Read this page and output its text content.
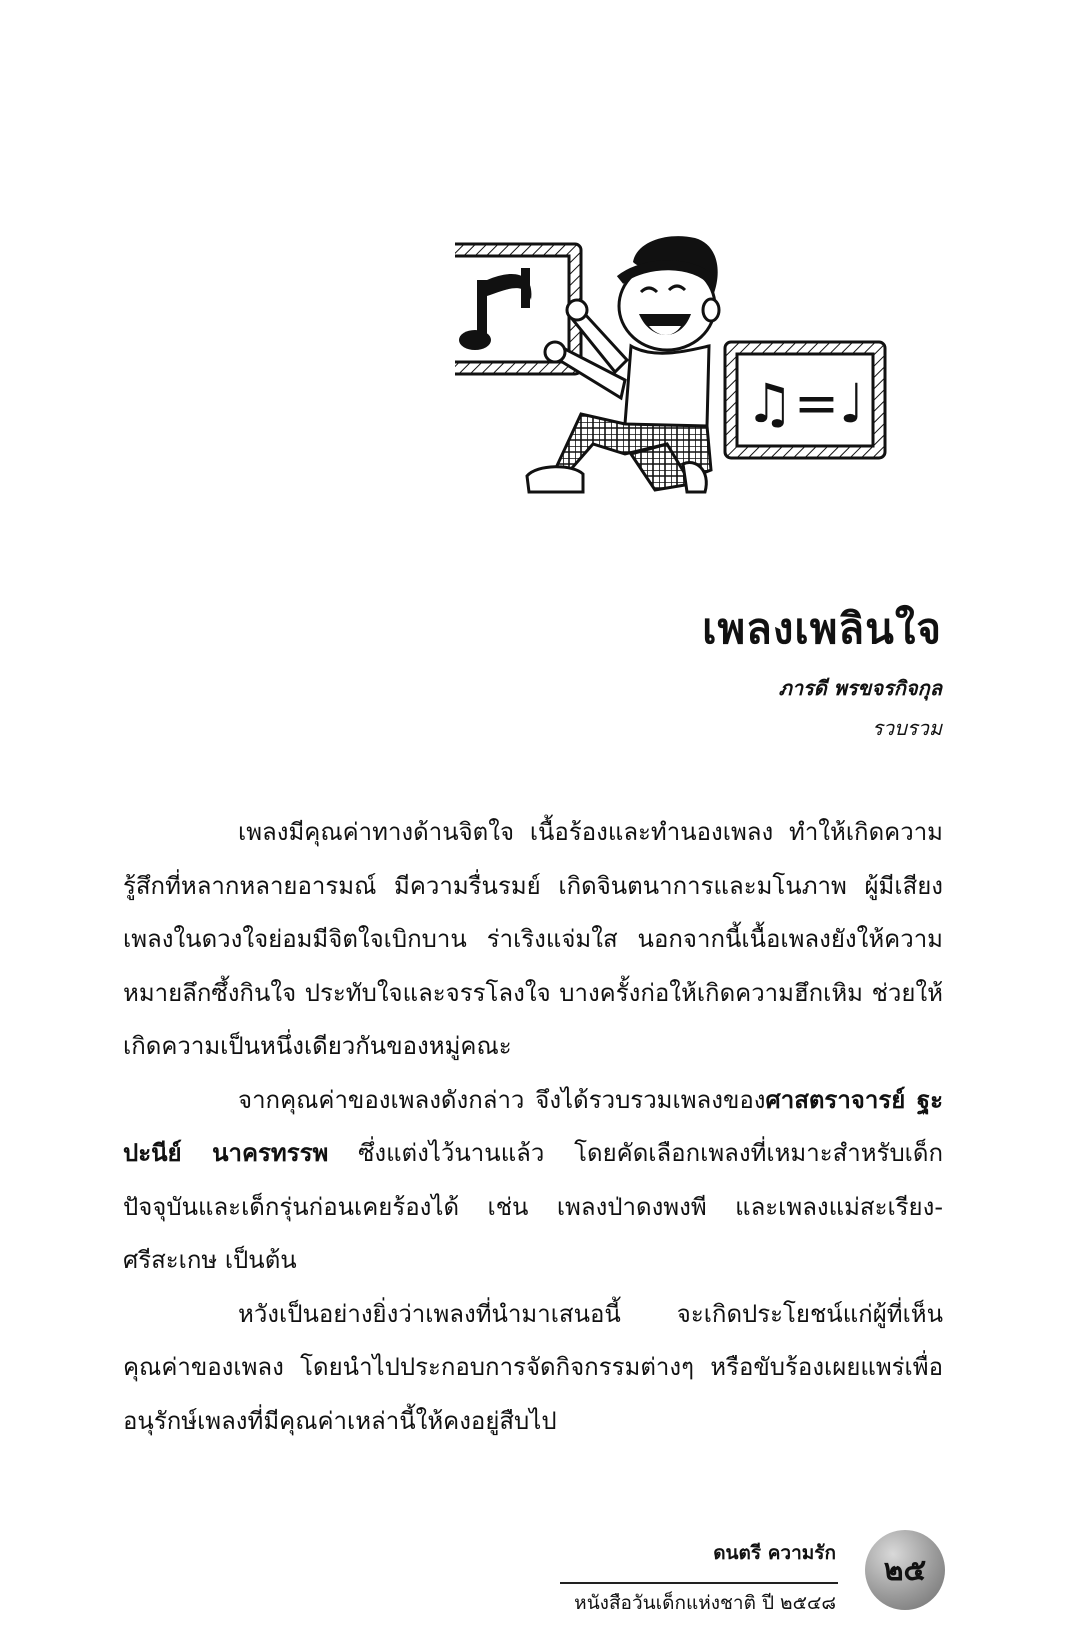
♫=♩
เพลงเพลินใจ
ภารดี พรขจรกิจกุล
รวบรวม

เพลงมีคุณค่าทางด้านจิตใจ เนื้อร้องและทำนองเพลง ทำให้เกิดความรู้สึกที่หลากหลายอารมณ์ มีความรื่นรมย์ เกิดจินตนาการและมโนภาพ ผู้มีเสียงเพลงในดวงใจย่อมมีจิตใจเบิกบาน ร่าเริงแจ่มใส นอกจากนี้เนื้อเพลงยังให้ความหมายลึกซึ้งกินใจ ประทับใจและจรรโลงใจ บางครั้งก่อให้เกิดความฮึกเหิม ช่วยให้เกิดความเป็นหนึ่งเดียวกันของหมู่คณะ

จากคุณค่าของเพลงดังกล่าว จึงได้รวบรวมเพลงของศาสตราจารย์ ฐะปะนีย์ นาครทรรพ ซึ่งแต่งไว้นานแล้ว โดยคัดเลือกเพลงที่เหมาะสำหรับเด็กปัจจุบันและเด็กรุ่นก่อนเคยร้องได้ เช่น เพลงป่าดงพงพี และเพลงแม่สะเรียง-ศรีสะเกษ เป็นต้น

หวังเป็นอย่างยิ่งว่าเพลงที่นำมาเสนอนี้ จะเกิดประโยชน์แก่ผู้ที่เห็นคุณค่าของเพลง โดยนำไปประกอบการจัดกิจกรรมต่างๆ หรือขับร้องเผยแพร่เพื่ออนุรักษ์เพลงที่มีคุณค่าเหล่านี้ให้คงอยู่สืบไป

ดนตรี ความรัก
หนังสือวันเด็กแห่งชาติ ปี ๒๕๔๘
๒๕
